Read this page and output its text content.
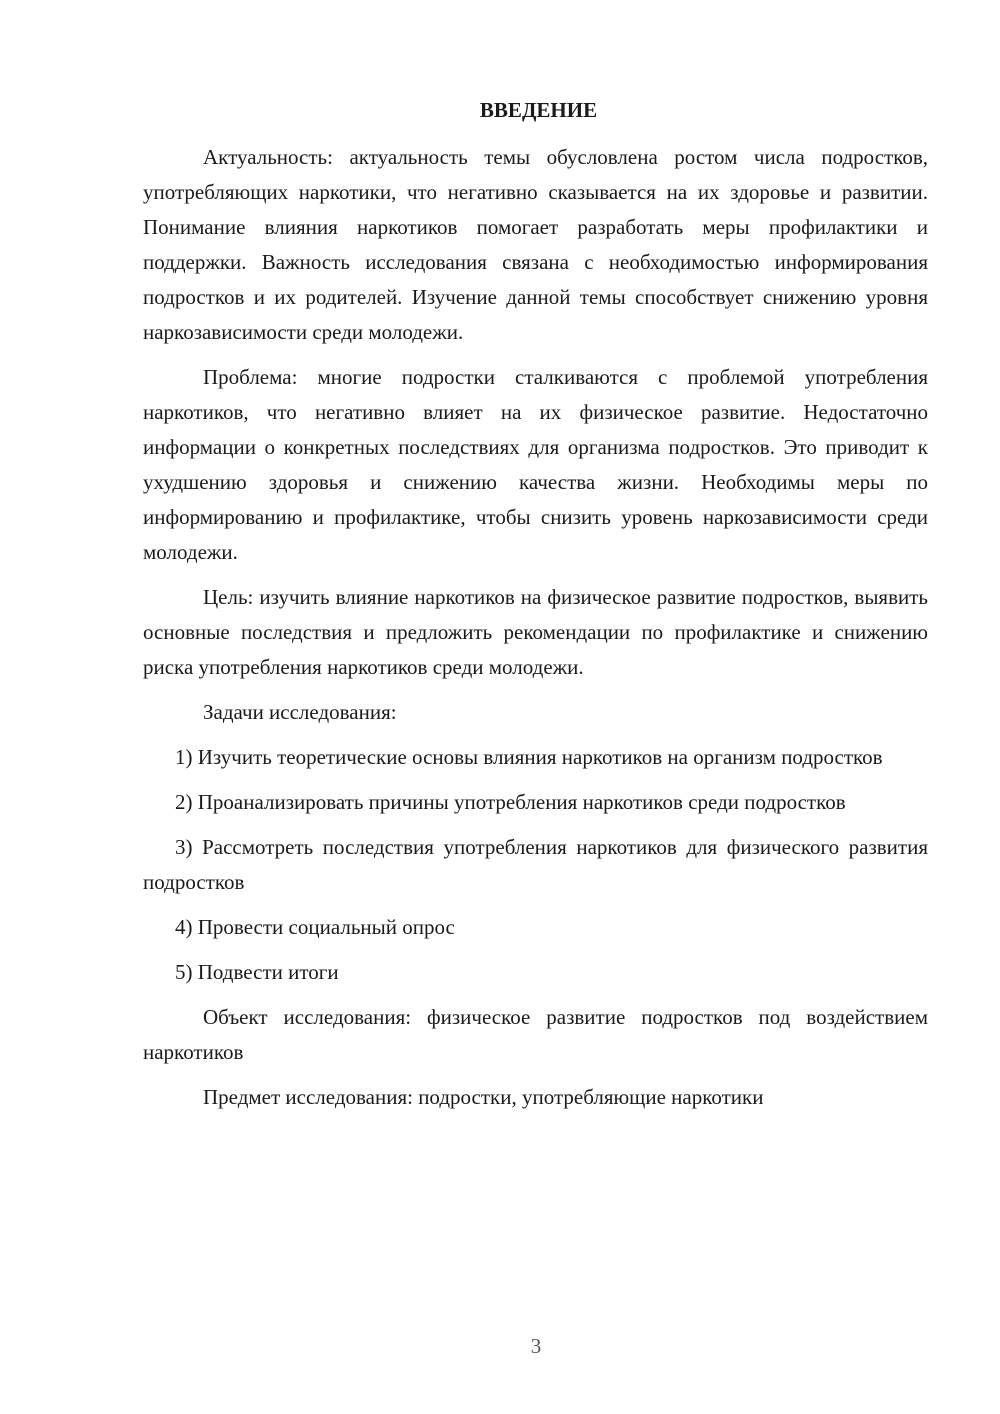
ВВЕДЕНИЕ

Актуальность: актуальность темы обусловлена ростом числа подростков, употребляющих наркотики, что негативно сказывается на их здоровье и развитии. Понимание влияния наркотиков помогает разработать меры профилактики и поддержки. Важность исследования связана с необходимостью информирования подростков и их родителей. Изучение данной темы способствует снижению уровня наркозависимости среди молодежи.

Проблема: многие подростки сталкиваются с проблемой употребления наркотиков, что негативно влияет на их физическое развитие. Недостаточно информации о конкретных последствиях для организма подростков. Это приводит к ухудшению здоровья и снижению качества жизни. Необходимы меры по информированию и профилактике, чтобы снизить уровень наркозависимости среди молодежи.

Цель: изучить влияние наркотиков на физическое развитие подростков, выявить основные последствия и предложить рекомендации по профилактике и снижению риска употребления наркотиков среди молодежи.

Задачи исследования:

1) Изучить теоретические основы влияния наркотиков на организм подростков

2) Проанализировать причины употребления наркотиков среди подростков

3) Рассмотреть последствия употребления наркотиков для физического развития подростков

4) Провести социальный опрос

5) Подвести итоги

Объект исследования: физическое развитие подростков под воздействием наркотиков

Предмет исследования: подростки, употребляющие наркотики

3
